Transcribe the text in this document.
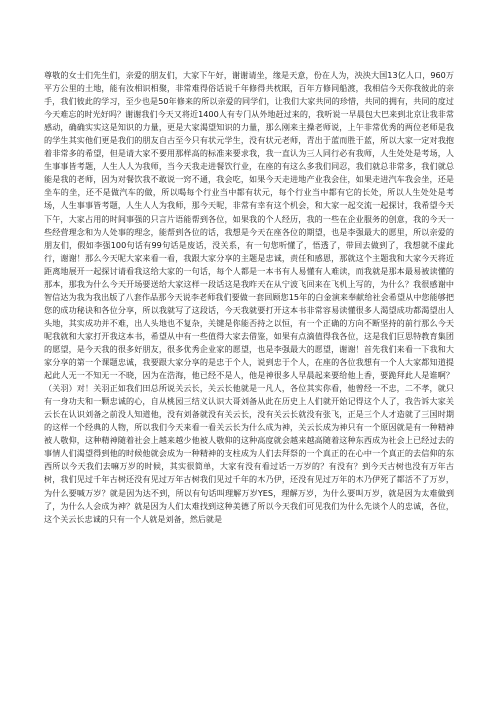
尊敬的女士们先生们，亲爱的朋友们，大家下午好，谢谢请坐，缘是天意，份在人为，泱泱大国13亿人口，960万平方公里的土地，能有汝相识相聚，非常难得俗话说千年修得共枕眠，百年方修同船渡，我相信今天你我彼此的亲手，我们彼此的学习，至少也是50年修来的所以亲爱的同学们，让我们大家共同的珍惜，共同的拥有，共同的度过今天难忘的时光好吗？谢谢我们今天又将近1400人有专门从外地赶过来的，我听说一早晨包大巴来到北京让我非常感动，确确实实这是知识的力量，更是大家渴望知识的力量，那么刚来主操老师说，上午非常优秀的两位老师是我的学生其实他们更是我们的朋友自古至今只有状元学生，没有状元老师，青出于蓝而胜于蓝，所以大家一定对我抱着非常多的希望，但是请大家不要用那样高的标准来要求我，我一直认为三人同行必有我师，人生处处是考场，人生事事皆考题，人生人人为我师，当今天我走进餐饮行业，在座的有这么多我们同忍，我们就总非常多，我们就总能是我的老师，因为对餐饮我不敢说一窍不通，我会吃，如果今天走进地产业我会住，如果走进汽车我会坐，还是坐车的坐，还不是做汽车的做，所以喝每个行业当中都有状元，每个行业当中都有它的长处，所以人生处处是考场，人生事事皆考题，人生人人为我师，那今天呢，非常有幸有这个机会，和大家一起交流一起探讨，我希望今天下午，大家占用的时间事强的只言片语能帮到各位，如果我的个人经历，我的一些在企业服务的创意，我的今天一些经营理念和为人处事的理念，能帮到各位的话，我想是今天在座各位的期望，也是李强最大的愿里，所以亲爱的朋友们，假如李强100句话有99句话是废话，没关系，有一句您听懂了，悟透了，带回去做到了，我想就不虚此行，谢谢！那么今天呢大家来看一看，我跟大家分享的主题是忠诚，责任和感恩，那就这个主题我和大家今天将近距离地展开一起探讨请看我这给大家的一句话，每个人都是一本书有人易懂有人难读，而我就是那本最易被读懂的那本，那我为什么今天开场要送给大家这样一段话这是我昨天在从宁波飞回来在飞机上写的，为什么？我很感谢中智信达为我为我出版了八套作品那今天说李老师我们要做一套回顾您15年的白金演来奉献给社会希望从中您能够把您的成功秘诀和各位分享，所以我就写了这段话，今天我就要打开这本书非常容易读懂很多人渴望成功都渴望出人头地，其实成功并不难，出人头地也不复杂，关键是你能否持之以恒，有一个正确的方向不断坚持的前行那么今天呢我就和大家打开我这本书，希望从中有一些值得大家去借鉴，如果有点滴值得我各位，这是我们巨思特教育集团的愿望，是今天我的很多好朋友，很多优秀企业家的愿望，也是李强最大的愿望，谢谢！首先我们来看一下我和大家分享的第一个课题忠诚，我要跟大家分享的是忠于个人，说到忠于个人，在座的各位我想有一个人大家都知道提起此人无一不知无一不晓，因为在浩海，他已经不是人，他是神很多人早晨起来要给他上香，要跪拜此人是谁啊？（关羽）对！关羽正如我们田总所说关云长，关云长他就是一凡人，各位其实你看，他曾经一不忠，二不孝，就只有一身功夫和一颗忠诚的心，自从桃园三结义认识大哥刘备从此在历史上人们就开始记得这个人了，我告诉大家关云长在认识刘备之前没人知道他，没有刘备就没有关云长，没有关云长就没有张飞，正是三个人才造就了三国时期的这样一个经典的人物，所以我们今天来看一看关云长为什么成为神，关云长成为神只有一个原因就是有一种精神被人敬仰，这种精神随着社会上越来越少他被人敬仰的这种高度就会越来越高随着这种东西成为社会上已经过去的事情人们渴望得到他的时候他就会成为一种精神的支柱成为人们去拜祭的一个真正的在心中一个真正的去信仰的东西所以今天我们去嘛万岁的时候，其实很简单，大家有没有看过话一万岁的？有没有？到今天古树也没有万年古树，我们见过千年古树还没有见过万年古树我们见过千年的木乃伊，还没有见过万年的木乃伊死了都活不了万岁，为什么要喊万岁？就是因为达不到，所以有句话叫理解万岁YES，理解万岁，为什么要叫万岁，就是因为太难做到了，为什么人会成为神？就是因为人们太难找到这种美德了所以今天我们可见我们为什么先谈个人的忠诚，各位，这个关云长忠诚的只有一个人就是刘备，然后就是
